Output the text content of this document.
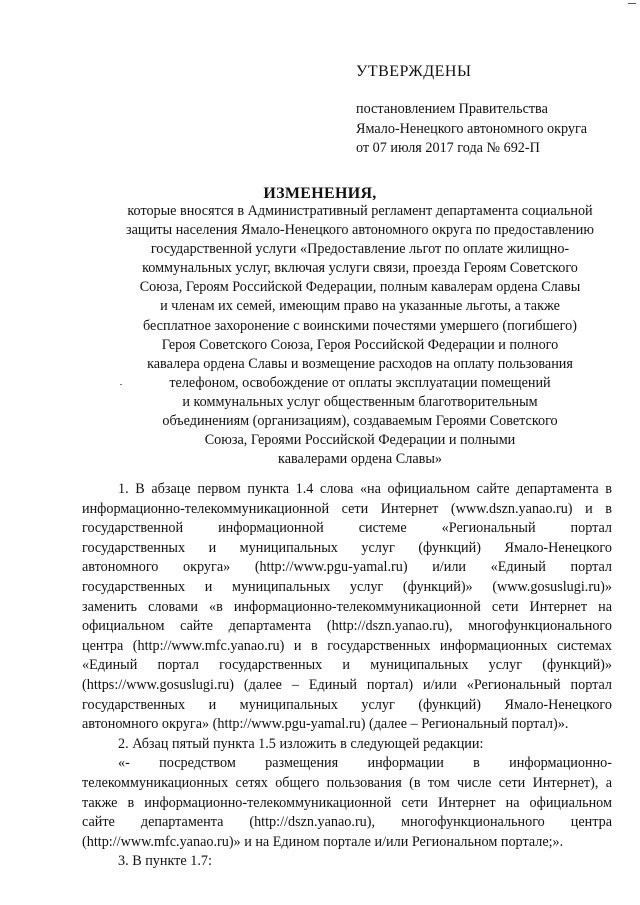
УТВЕРЖДЕНЫ
постановлением Правительства
Ямало-Ненецкого автономного округа
от 07 июля 2017 года № 692-П
ИЗМЕНЕНИЯ,
которые вносятся в Административный регламент департамента социальной
защиты населения Ямало-Ненецкого автономного округа по предоставлению
государственной услуги «Предоставление льгот по оплате жилищно-
коммунальных услуг, включая услуги связи, проезда Героям Советского
Союза, Героям Российской Федерации, полным кавалерам ордена Славы
и членам их семей, имеющим право на указанные льготы, а также
бесплатное захоронение с воинскими почестями умершего (погибшего)
Героя Советского Союза, Героя Российской Федерации и полного
кавалера ордена Славы и возмещение расходов на оплату пользования
телефоном, освобождение от оплаты эксплуатации помещений
и коммунальных услуг общественным благотворительным
объединениям (организациям), создаваемым Героями Советского
Союза, Героями Российской Федерации и полными
кавалерами ордена Славы»
1. В абзаце первом пункта 1.4 слова «на официальном сайте департамента в
информационно-телекоммуникационной сети Интернет (www.dszn.yanao.ru) и в
государственной информационной системе «Региональный портал
государственных и муниципальных услуг (функций) Ямало-Ненецкого
автономного округа» (http://www.pgu-yamal.ru) и/или «Единый портал
государственных и муниципальных услуг (функций)» (www.gosuslugi.ru)»
заменить словами «в информационно-телекоммуникационной сети Интернет на
официальном сайте департамента (http://dszn.yanao.ru), многофункционального
центра (http://www.mfc.yanao.ru) и в государственных информационных системах
«Единый портал государственных и муниципальных услуг (функций)»
(https://www.gosuslugi.ru) (далее – Единый портал) и/или «Региональный портал
государственных и муниципальных услуг (функций) Ямало-Ненецкого
автономного округа» (http://www.pgu-yamal.ru) (далее – Региональный портал)».
2. Абзац пятый пункта 1.5 изложить в следующей редакции:
«- посредством размещения информации в информационно-
телекоммуникационных сетях общего пользования (в том числе сети Интернет), а
также в информационно-телекоммуникационной сети Интернет на официальном
сайте департамента (http://dszn.yanao.ru), многофункционального центра
(http://www.mfc.yanao.ru)» и на Едином портале и/или Региональном портале;».
3. В пункте 1.7:
